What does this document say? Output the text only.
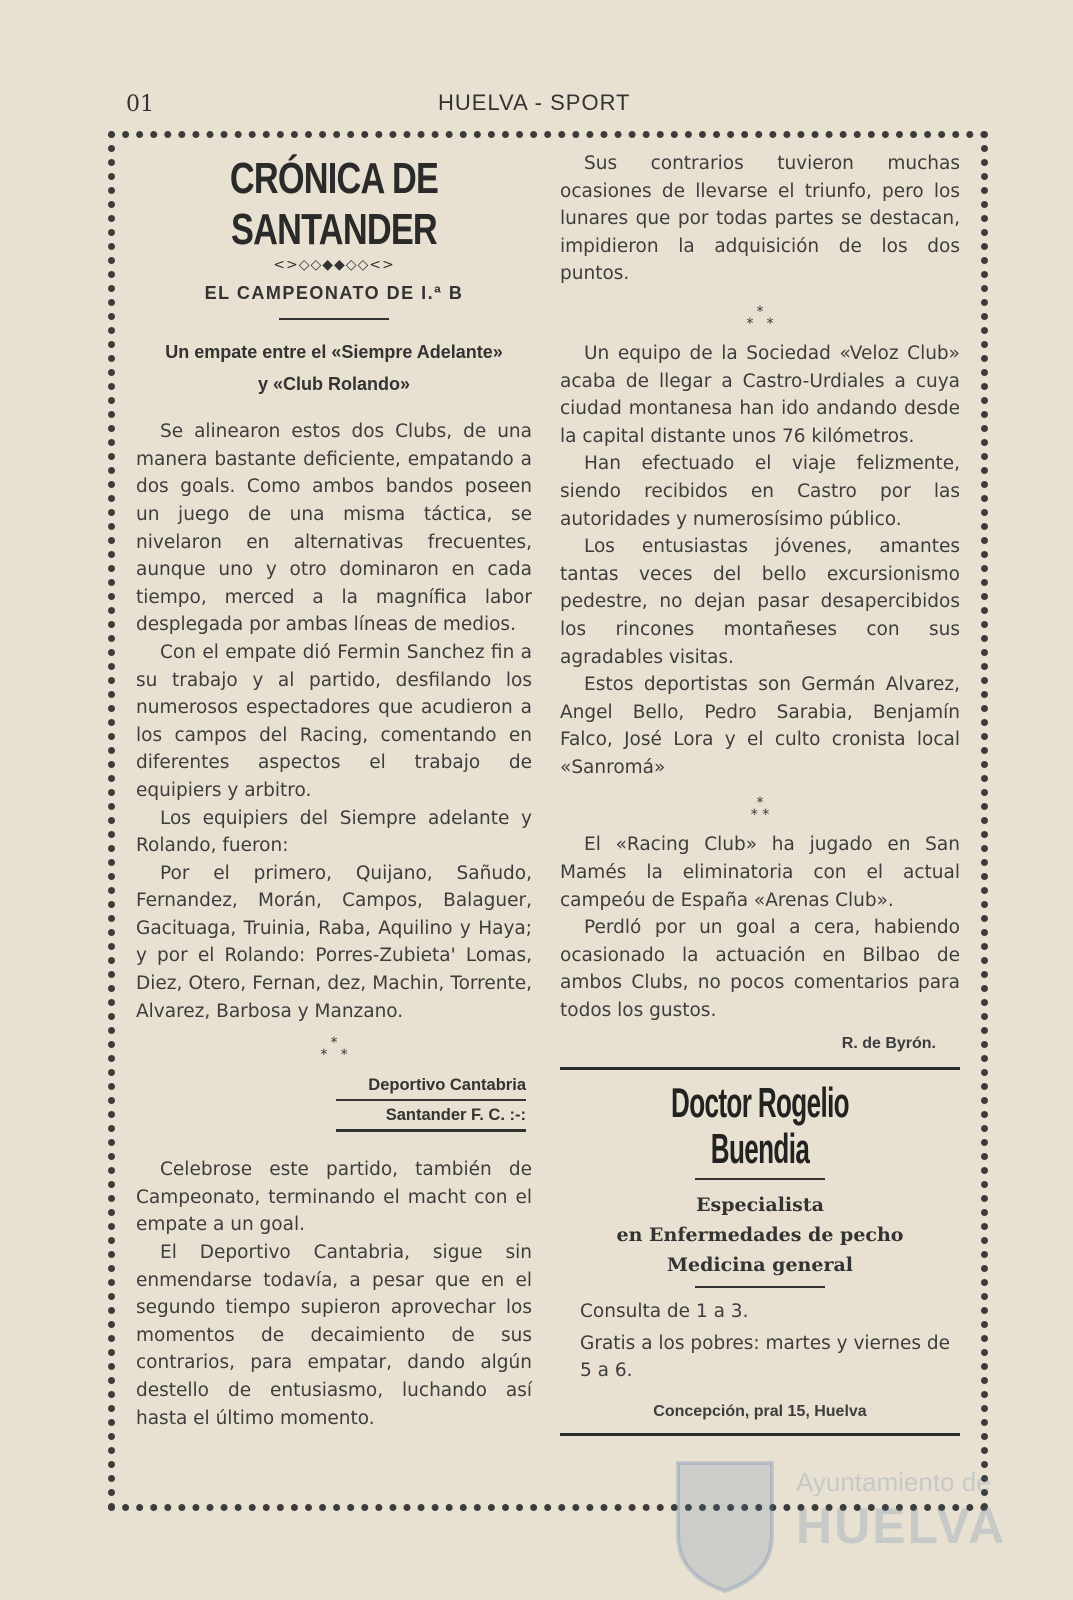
01	HUELVA - SPORT
CRÓNICA DE SANTANDER
<>◇◇◆◆◇◇<>
EL CAMPEONATO DE I.ª B
Un empate entre el «Siempre Adelante»
y «Club Rolando»

Se alinearon estos dos Clubs, de una manera bastante deficiente, empatando a dos goals. Como ambos bandos poseen un juego de una misma táctica, se nivelaron en alternativas frecuentes, aunque uno y otro dominaron en cada tiempo, merced a la magnífica labor desplegada por ambas líneas de medios.

Con el empate dió Fermin Sanchez fin a su trabajo y al partido, desfilando los numerosos espectadores que acudieron a los campos del Racing, comentando en diferentes aspectos el trabajo de equipiers y arbitro.

Los equipiers del Siempre adelante y Rolando, fueron:

Por el primero, Quijano, Sañudo, Fernandez, Morán, Campos, Balaguer, Gacituaga, Truinia, Raba, Aquilino y Haya; y por el Rolando: Porres-Zubieta' Lomas, Diez, Otero, Fernan, dez, Machin, Torrente, Alvarez, Barbosa y Manzano.

*
*   *
Deportivo Cantabria
Santander F. C. :-:

Celebrose este partido, también de Campeonato, terminando el macht con el empate a un goal.

El Deportivo Cantabria, sigue sin enmendarse todavía, a pesar que en el segundo tiempo supieron aprovechar los momentos de decaimiento de sus contrarios, para empatar, dando algún destello de entusiasmo, luchando así hasta el último momento.

Sus contrarios tuvieron muchas ocasiones de llevarse el triunfo, pero los lunares que por todas partes se destacan, impidieron la adquisición de los dos puntos.

*
*   *

Un equipo de la Sociedad «Veloz Club» acaba de llegar a Castro-Urdiales a cuya ciudad montanesa han ido andando desde la capital distante unos 76 kilómetros.

Han efectuado el viaje felizmente, siendo recibidos en Castro por las autoridades y numerosísimo público.

Los entusiastas jóvenes, amantes tantas veces del bello excursionismo pedestre, no dejan pasar desapercibidos los rincones montañeses con sus agradables visitas.

Estos deportistas son Germán Alvarez, Angel Bello, Pedro Sarabia, Benjamín Falco, José Lora y el culto cronista local «Sanromá»

*
* *

El «Racing Club» ha jugado en San Mamés la eliminatoria con el actual campeóu de España «Arenas Club».

Perdló por un goal a cera, habiendo ocasionado la actuación en Bilbao de ambos Clubs, no pocos comentarios para todos los gustos.

R. de Byrón.
Doctor Rogelio Buendia
Especialista
en Enfermedades de pecho
Medicina general
Consulta de 1 a 3.
Gratis a los pobres: martes y viernes de 5 a 6.
Concepción, pral 15, Huelva
Ayuntamiento de
HUELVA
